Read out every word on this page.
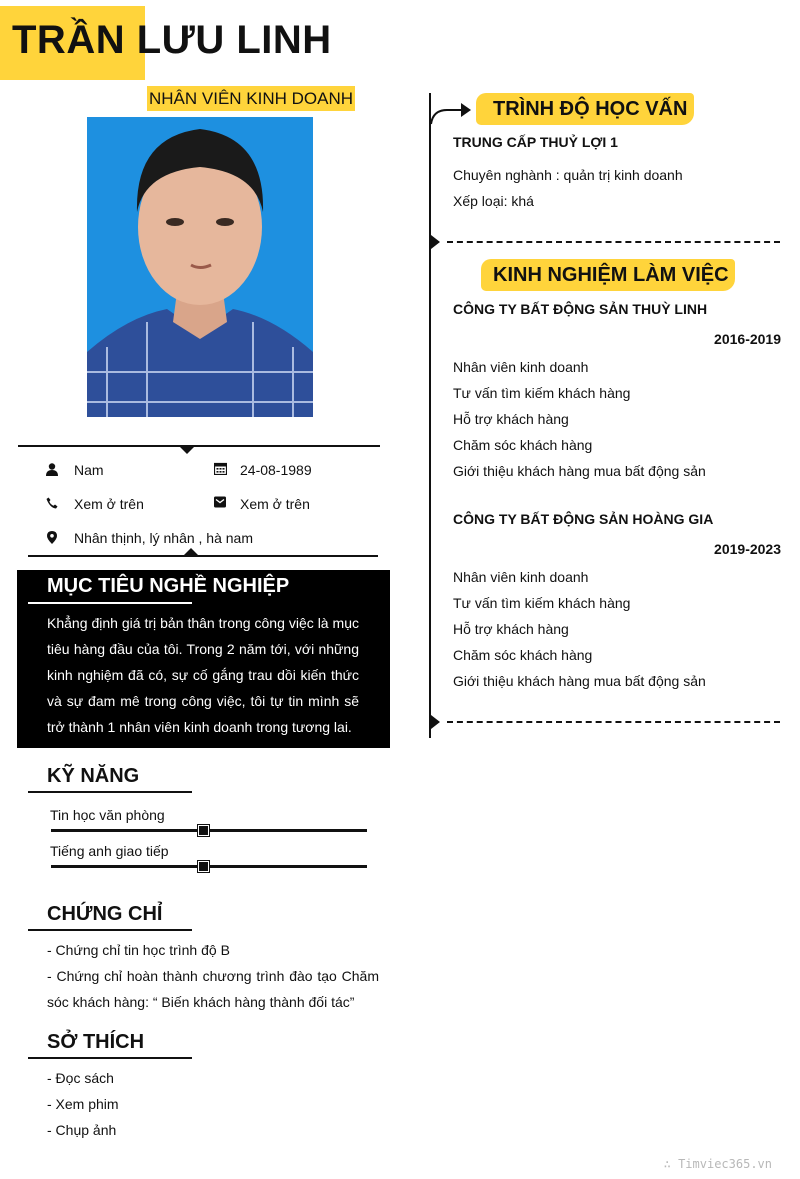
TRẦN LƯU LINH
NHÂN VIÊN KINH DOANH
Nam	24-08-1989
Xem ở trên	Xem ở trên
Nhân thịnh, lý nhân , hà nam
MỤC TIÊU NGHỀ NGHIỆP
Khẳng định giá trị bản thân trong công việc là mục tiêu hàng đầu của tôi. Trong 2 năm tới, với những kinh nghiệm đã có, sự cố gắng trau dồi kiến thức và sự đam mê trong công việc, tôi tự tin mình sẽ trở thành 1 nhân viên kinh doanh trong tương lai.
KỸ NĂNG
Tin học văn phòng
Tiếng anh giao tiếp
CHỨNG CHỈ
- Chứng chỉ tin học trình độ B
- Chứng chỉ hoàn thành chương trình đào tạo Chăm sóc khách hàng: “ Biến khách hàng thành đối tác”
SỞ THÍCH
- Đọc sách
- Xem phim
- Chụp ảnh
TRÌNH ĐỘ HỌC VẤN
TRUNG CẤP THUỶ LỢI 1
Chuyên nghành : quản trị kinh doanh
Xếp loại: khá
KINH NGHIỆM LÀM VIỆC
CÔNG TY BẤT ĐỘNG SẢN THUỲ LINH
2016-2019
Nhân viên kinh doanh
Tư vấn tìm kiếm khách hàng
Hỗ trợ khách hàng
Chăm sóc khách hàng
Giới thiệu khách hàng mua bất động sản
CÔNG TY BẤT ĐỘNG SẢN HOÀNG GIA
2019-2023
Nhân viên kinh doanh
Tư vấn tìm kiếm khách hàng
Hỗ trợ khách hàng
Chăm sóc khách hàng
Giới thiệu khách hàng mua bất động sản
∴ Timviec365.vn
